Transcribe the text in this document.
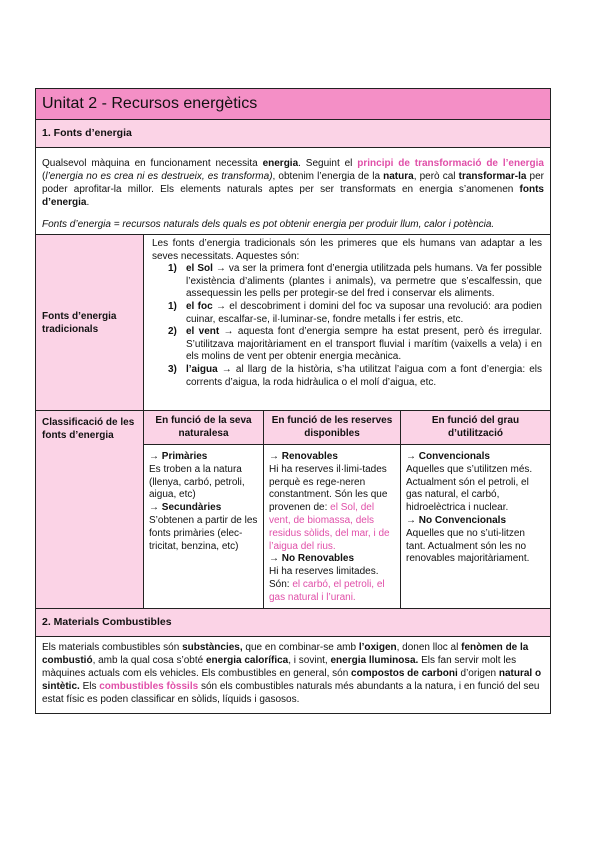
Unitat 2 - Recursos energètics
1. Fonts d’energia

Qualsevol màquina en funcionament necessita energia. Seguint el principi de transformació de l’energia (l’energia no es crea ni es destrueix, es transforma), obtenim l’energia de la natura, però cal transformar-la per poder aprofitar-la millor. Els elements naturals aptes per ser transformats en energia s’anomenen fonts d’energia.

Fonts d’energia = recursos naturals dels quals es pot obtenir energia per produir llum, calor i potència.

Fonts d’energia tradicionals
Les fonts d’energia tradicionals són les primeres que els humans van adaptar a les seves necessitats. Aquestes són:
1) el Sol → va ser la primera font d’energia utilitzada pels humans. Va fer possible l’existència d’aliments (plantes i animals), va permetre que s’escalfessin, que assequessin les pells per protegir-se del fred i conservar els aliments.
1) el foc → el descobriment i domini del foc va suposar una revolució: ara podien cuinar, escalfar-se, il·luminar-se, fondre metalls i fer estris, etc.
2) el vent → aquesta font d’energia sempre ha estat present, però és irregular. S’utilitzava majoritàriament en el transport fluvial i marítim (vaixells a vela) i en els molins de vent per obtenir energia mecànica.
3) l’aigua → al llarg de la història, s’ha utilitzat l’aigua com a font d’energia: els corrents d’aigua, la roda hidràulica o el molí d’aigua, etc.
Classificació de les fonts d’energia
En funció de la seva naturalesa
→ Primàries
Es troben a la natura (llenya, carbó, petroli, aigua, etc)
→ Secundàries
S’obtenen a partir de les fonts primàries (elec-
tricitat, benzina, etc)
En funció de les reserves disponibles
→ Renovables
Hi ha reserves il·limi-tades perquè es rege-neren constantment. Són les que provenen de: el Sol, del vent, de biomassa, dels residus sòlids, del mar, i de l’aigua del rius.
→ No Renovables
Hi ha reserves limitades. Són: el carbó, el petroli, el gas natural i l’urani.
En funció del grau d’utilització
→ Convencionals
Aquelles que s’utilitzen més. Actualment són el petroli, el gas natural, el carbó, hidroelèctrica i nuclear.
→ No Convencionals
Aquelles que no s’uti-litzen tant. Actualment són les no renovables majoritàriament.
2. Materials Combustibles

Els materials combustibles són substàncies, que en combinar-se amb l’oxigen, donen lloc al fenòmen de la combustió, amb la qual cosa s’obté energia calorífica, i sovint, energia lluminosa. Els fan servir molt les màquines actuals com els vehicles. Els combustibles en general, són compostos de carboni d’origen natural o sintètic. Els combustibles fòssils són els combustibles naturals més abundants a la natura, i en funció del seu estat físic es poden classificar en sòlids, líquids i gasosos.
